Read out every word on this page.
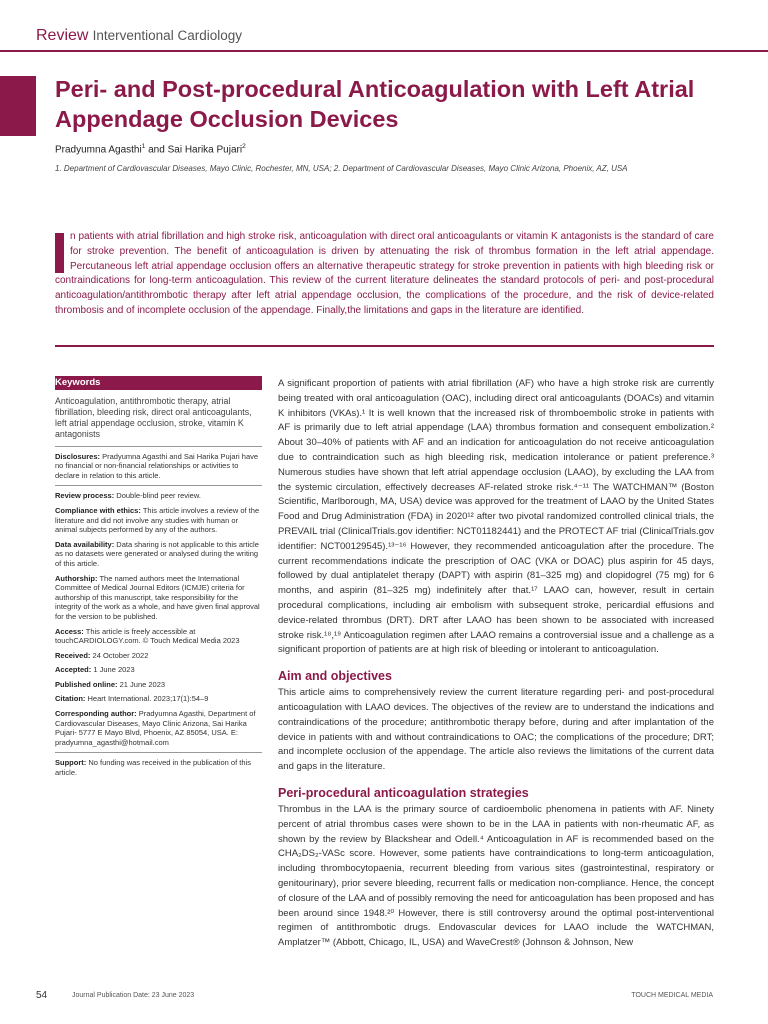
Review Interventional Cardiology
Peri- and Post-procedural Anticoagulation with Left Atrial Appendage Occlusion Devices
Pradyumna Agasthi$^1$ and Sai Harika Pujari$^2$
1. Department of Cardiovascular Diseases, Mayo Clinic, Rochester, MN, USA; 2. Department of Cardiovascular Diseases, Mayo Clinic Arizona, Phoenix, AZ, USA
n patients with atrial fibrillation and high stroke risk, anticoagulation with direct oral anticoagulants or vitamin K antagonists is the standard of care for stroke prevention. The benefit of anticoagulation is driven by attenuating the risk of thrombus formation in the left atrial appendage. Percutaneous left atrial appendage occlusion offers an alternative therapeutic strategy for stroke prevention in patients with high bleeding risk or contraindications for long-term anticoagulation. This review of the current literature delineates the standard protocols of peri- and post-procedural anticoagulation/antithrombotic therapy after left atrial appendage occlusion, the complications of the procedure, and the risk of device-related thrombosis and of incomplete occlusion of the appendage. Finally,the limitations and gaps in the literature are identified.
Keywords
Anticoagulation, antithrombotic therapy, atrial fibrillation, bleeding risk, direct oral anticoagulants, left atrial appendage occlusion, stroke, vitamin K antagonists
Disclosures: Pradyumna Agasthi and Sai Harika Pujari have no financial or non-financial relationships or activities to declare in relation to this article.
Review process: Double-blind peer review.
Compliance with ethics: This article involves a review of the literature and did not involve any studies with human or animal subjects performed by any of the authors.
Data availability: Data sharing is not applicable to this article as no datasets were generated or analysed during the writing of this article.
Authorship: The named authors meet the International Committee of Medical Journal Editors (ICMJE) criteria for authorship of this manuscript, take responsibility for the integrity of the work as a whole, and have given final approval for the version to be published.
Access: This article is freely accessible at touchCARDIOLOGY.com. © Touch Medical Media 2023
Received: 24 October 2022
Accepted: 1 June 2023
Published online: 21 June 2023
Citation: Heart International. 2023;17(1):54–9
Corresponding author: Pradyumna Agasthi, Department of Cardiovascular Diseases, Mayo Clinic Arizona, Sai Harika Pujari- 5777 E Mayo Blvd, Phoenix, AZ 85054, USA. E: pradyumna_agasthi@hotmail.com
Support: No funding was received in the publication of this article.

A significant proportion of patients with atrial fibrillation (AF) who have a high stroke risk are currently being treated with oral anticoagulation (OAC), including direct oral anticoagulants (DOACs) and vitamin K inhibitors (VKAs).¹ It is well known that the increased risk of thromboembolic stroke in patients with AF is primarily due to left atrial appendage (LAA) thrombus formation and consequent embolization.² About 30–40% of patients with AF and an indication for anticoagulation do not receive anticoagulation due to contraindication such as high bleeding risk, medication intolerance or patient preference.³ Numerous studies have shown that left atrial appendage occlusion (LAAO), by excluding the LAA from the systemic circulation, effectively decreases AF-related stroke risk.⁴⁻¹¹ The WATCHMAN™ (Boston Scientific, Marlborough, MA, USA) device was approved for the treatment of LAAO by the United States Food and Drug Administration (FDA) in 2020¹² after two pivotal randomized controlled clinical trials, the PREVAIL trial (ClinicalTrials.gov identifier: NCT01182441) and the PROTECT AF trial (ClinicalTrials.gov identifier: NCT00129545).¹³⁻¹⁶ However, they recommended anticoagulation after the procedure. The current recommendations indicate the prescription of OAC (VKA or DOAC) plus aspirin for 45 days, followed by dual antiplatelet therapy (DAPT) with aspirin (81–325 mg) and clopidogrel (75 mg) for 6 months, and aspirin (81–325 mg) indefinitely after that.¹⁷ LAAO can, however, result in certain procedural complications, including air embolism with subsequent stroke, pericardial effusions and device-related thrombus (DRT). DRT after LAAO has been shown to be associated with increased stroke risk.¹⁸,¹⁹ Anticoagulation regimen after LAAO remains a controversial issue and a challenge as a significant proportion of patients are at high risk of bleeding or intolerant to anticoagulation.

Aim and objectives

This article aims to comprehensively review the current literature regarding peri- and post-procedural anticoagulation with LAAO devices. The objectives of the review are to understand the indications and contraindications of the procedure; antithrombotic therapy before, during and after implantation of the device in patients with and without contraindications to OAC; the complications of the procedure; DRT; and incomplete occlusion of the appendage. The article also reviews the limitations of the current data and gaps in the literature.

Peri-procedural anticoagulation strategies

Thrombus in the LAA is the primary source of cardioembolic phenomena in patients with AF. Ninety percent of atrial thrombus cases were shown to be in the LAA in patients with non-rheumatic AF, as shown by the review by Blackshear and Odell.⁴ Anticoagulation in AF is recommended based on the CHA₂DS₂-VASc score. However, some patients have contraindications to long-term anticoagulation, including thrombocytopaenia, recurrent bleeding from various sites (gastrointestinal, respiratory or genitourinary), prior severe bleeding, recurrent falls or medication non-compliance. Hence, the concept of closure of the LAA and of possibly removing the need for anticoagulation has been proposed and has been around since 1948.²⁰ However, there is still controversy around the optimal post-interventional regimen of antithrombotic drugs. Endovascular devices for LAAO include the WATCHMAN, Amplatzer™ (Abbott, Chicago, IL, USA) and WaveCrest® (Johnson & Johnson, New

54	Journal Publication Date: 23 June 2023	TOUCH MEDICAL MEDIA
